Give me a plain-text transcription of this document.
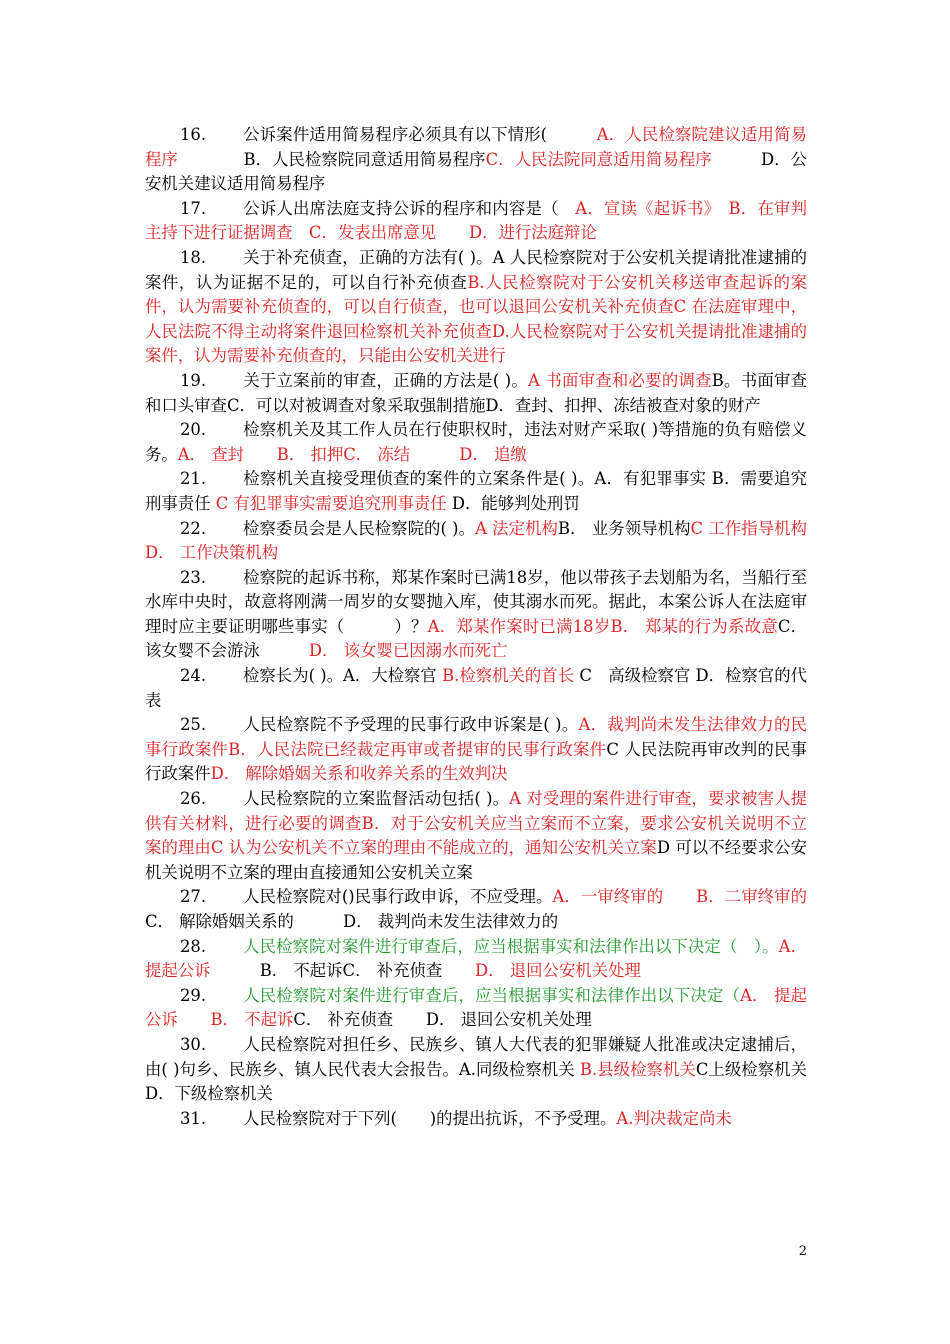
16. 公诉案件适用简易程序必须具有以下情形(　　　A．人民检察院建议适用简易程序　　　　B．人民检察院同意适用简易程序C．人民法院同意适用简易程序　　　D．公安机关建议适用简易程序

17. 公诉人出席法庭支持公诉的程序和内容是（　A．宣读《起诉书》　B．在审判主持下进行证据调查　C．发表出席意见　　D．进行法庭辩论

18. 关于补充侦查，正确的方法有( )。A 人民检察院对于公安机关提请批准逮捕的案件，认为证据不足的，可以自行补充侦查B.人民检察院对于公安机关移送审查起诉的案件，认为需要补充侦查的，可以自行侦查，也可以退回公安机关补充侦查C 在法庭审理中，人民法院不得主动将案件退回检察机关补充侦查D.人民检察院对于公安机关提请批准逮捕的案件，认为需要补充侦查的，只能由公安机关进行

19. 关于立案前的审查，正确的方法是( )。A 书面审查和必要的调查B。书面审查和口头审查C．可以对被调查对象采取强制措施D．查封、扣押、冻结被查对象的财产

20. 检察机关及其工作人员在行使职权时，违法对财产采取( )等措施的负有赔偿义务。A． 查封　　B． 扣押C． 冻结　　　D． 追缴

21. 检察机关直接受理侦查的案件的立案条件是( )。A．有犯罪事实 B．需要追究刑事责任 C 有犯罪事实需要追究刑事责任 D．能够判处刑罚

22. 检察委员会是人民检察院的( )。A 法定机构B． 业务领导机构C 工作指导机构D． 工作决策机构

23. 检察院的起诉书称，郑某作案时已满18岁，他以带孩子去划船为名，当船行至水库中央时，故意将刚满一周岁的女婴抛入库，使其溺水而死。据此，本案公诉人在法庭审理时应主要证明哪些事实（　　　）？A．郑某作案时已满18岁B． 郑某的行为系故意C． 该女婴不会游泳　　　D． 该女婴已因溺水而死亡

24. 检察长为( )。A．大检察官 B.检察机关的首长 C　高级检察官 D．检察官的代表

25. 人民检察院不予受理的民事行政申诉案是( )。A．裁判尚未发生法律效力的民事行政案件B．人民法院已经裁定再审或者提审的民事行政案件C 人民法院再审改判的民事行政案件D． 解除婚姻关系和收养关系的生效判决

26. 人民检察院的立案监督活动包括( )。A 对受理的案件进行审查，要求被害人提供有关材料，进行必要的调查B．对于公安机关应当立案而不立案，要求公安机关说明不立案的理由C 认为公安机关不立案的理由不能成立的，通知公安机关立案D 可以不经要求公安机关说明不立案的理由直接通知公安机关立案

27. 人民检察院对()民事行政申诉，不应受理。A．一审终审的　　B．二审终审的C． 解除婚姻关系的　　　D． 裁判尚未发生法律效力的

28. 人民检察院对案件进行审查后，应当根据事实和法律作出以下决定（　）。A． 提起公诉　　　B． 不起诉C． 补充侦查　　D． 退回公安机关处理

29. 人民检察院对案件进行审查后，应当根据事实和法律作出以下决定（A． 提起公诉　　B． 不起诉C． 补充侦查　　D． 退回公安机关处理

30. 人民检察院对担任乡、民族乡、镇人大代表的犯罪嫌疑人批准或决定逮捕后，由( )句乡、民族乡、镇人民代表大会报告。A.同级检察机关 B.县级检察机关C上级检察机关 D．下级检察机关

31. 人民检察院对于下列(　　)的提出抗诉，不予受理。A.判决裁定尚未

2
